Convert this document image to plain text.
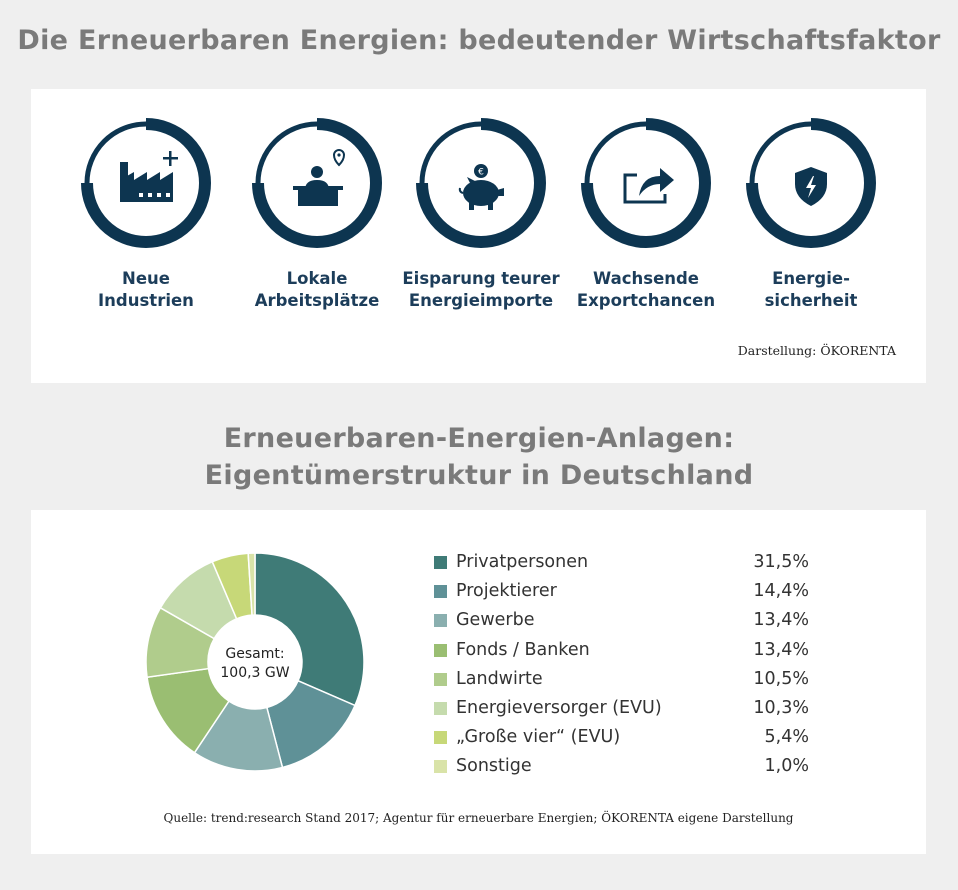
Die Erneuerbaren Energien: bedeutender Wirtschaftsfaktor
Neue
Industrien
Lokale
Arbeitsplätze
€
Eisparung teurer
Energieimporte
Wachsende
Exportchancen
Energie-
sicherheit
Darstellung: ÖKORENTA
Erneuerbaren-Energien-Anlagen:
Eigentümerstruktur in Deutschland
Gesamt:
100,3 GW
Privatpersonen	31,5%
Projektierer	14,4%
Gewerbe	13,4%
Fonds / Banken	13,4%
Landwirte	10,5%
Energieversorger (EVU)	10,3%
„Große vier“ (EVU)	5,4%
Sonstige	1,0%
Quelle: trend:research Stand 2017; Agentur für erneuerbare Energien; ÖKORENTA eigene Darstellung
